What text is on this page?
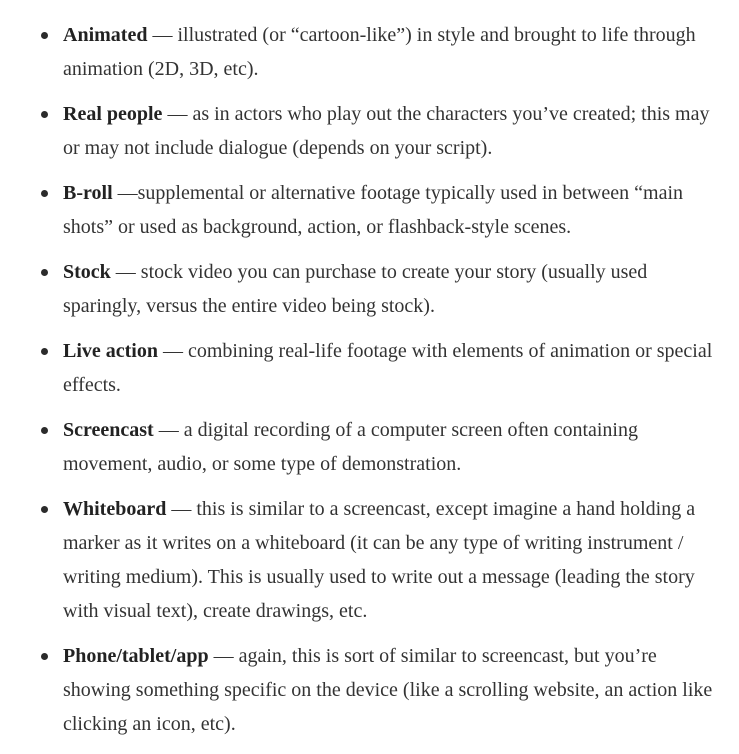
Animated — illustrated (or “cartoon-like”) in style and brought to life through animation (2D, 3D, etc).
Real people — as in actors who play out the characters you’ve created; this may or may not include dialogue (depends on your script).
B-roll —supplemental or alternative footage typically used in between “main shots” or used as background, action, or flashback-style scenes.
Stock — stock video you can purchase to create your story (usually used sparingly, versus the entire video being stock).
Live action — combining real-life footage with elements of animation or special effects.
Screencast — a digital recording of a computer screen often containing movement, audio, or some type of demonstration.
Whiteboard — this is similar to a screencast, except imagine a hand holding a marker as it writes on a whiteboard (it can be any type of writing instrument / writing medium). This is usually used to write out a message (leading the story with visual text), create drawings, etc.
Phone/tablet/app — again, this is sort of similar to screencast, but you’re showing something specific on the device (like a scrolling website, an action like clicking an icon, etc).
